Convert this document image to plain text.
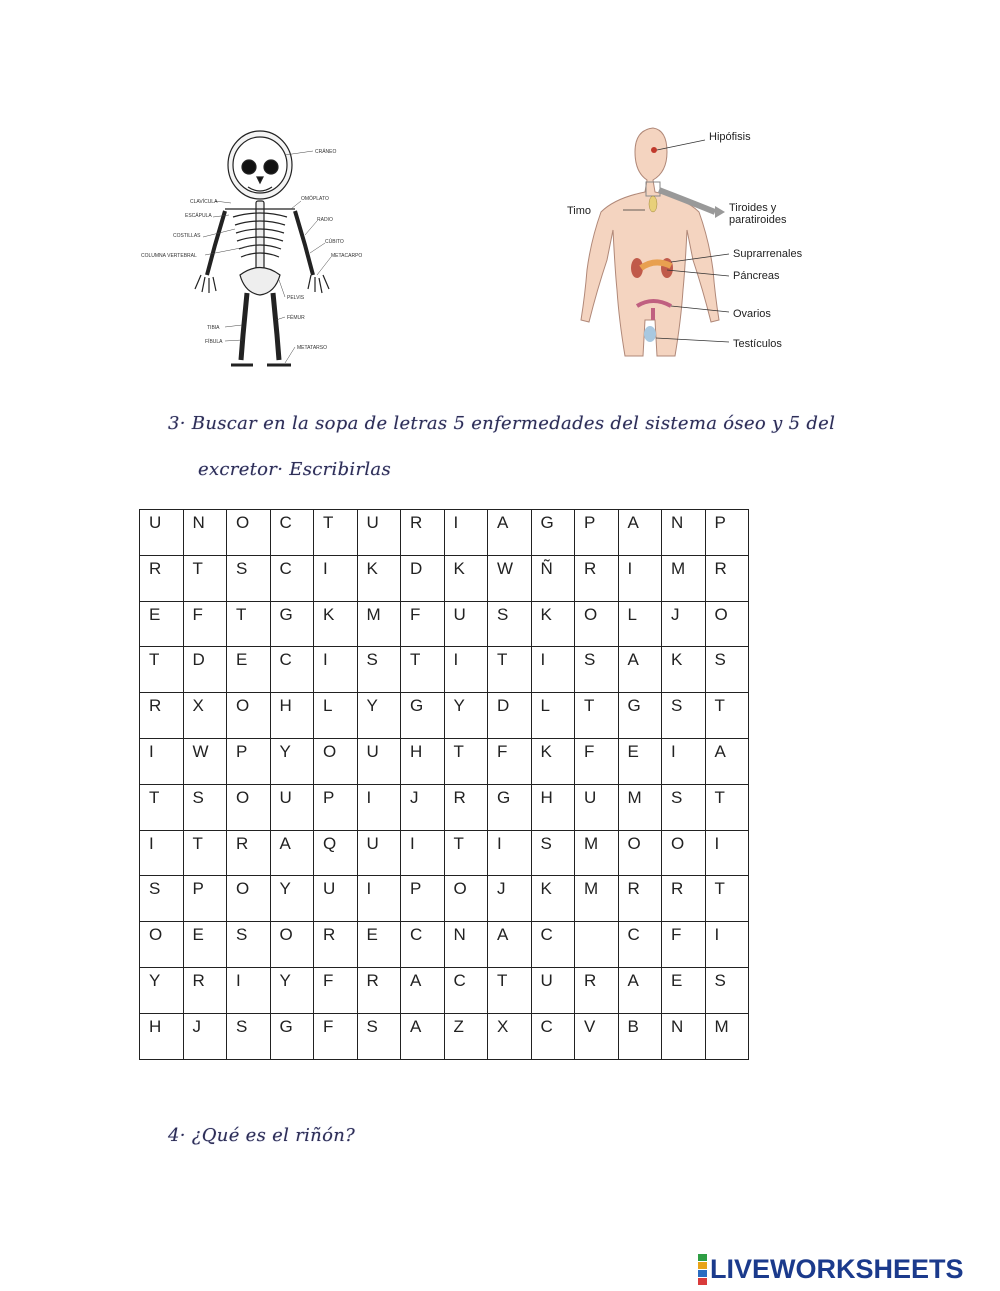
CRÁNEO
CLAVÍCULA	OMÓPLATO
ESCÁPULA
RADIO
COSTILLAS
CÚBITO
COLUMNA VERTEBRAL	METACARPO
PELVIS
FÉMUR
TIBIA
FÍBULA
METATARSO
Hipófisis
Timo	Tiroides y
paratiroides
Suprarrenales
Páncreas
Ovarios
Testículos
3· Buscar en la sopa de letras 5 enfermedades del sistema óseo y 5 del
excretor· Escribirlas
U	N	O	C	T	U	R	I	A	G	P	A	N	P

R	T	S	C	I	K	D	K	W	Ñ	R	I	M	R

E	F	T	G	K	M	F	U	S	K	O	L	J	O

T	D	E	C	I	S	T	I	T	I	S	A	K	S

R	X	O	H	L	Y	G	Y	D	L	T	G	S	T

I	W	P	Y	O	U	H	T	F	K	F	E	I	A

T	S	O	U	P	I	J	R	G	H	U	M	S	T

I	T	R	A	Q	U	I	T	I	S	M	O	O	I

S	P	O	Y	U	I	P	O	J	K	M	R	R	T

O	E	S	O	R	E	C	N	A	C		C	F	I

Y	R	I	Y	F	R	A	C	T	U	R	A	E	S

H	J	S	G	F	S	A	Z	X	C	V	B	N	M
4· ¿Qué es el riñón?
LIVEWORKSHEETS
